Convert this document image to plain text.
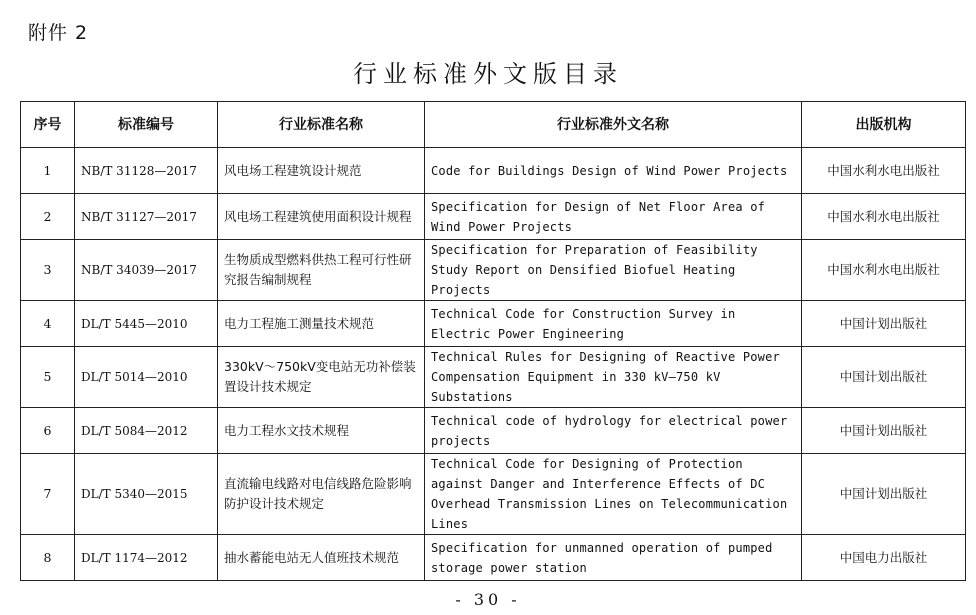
附件 2
行业标准外文版目录
序号	标准编号	行业标准名称	行业标准外文名称	出版机构
1	NB/T 31128—2017	风电场工程建筑设计规范	Code for Buildings Design of Wind Power Projects	中国水利水电出版社
2	NB/T 31127—2017	风电场工程建筑使用面积设计规程	Specification for Design of Net Floor Area of Wind Power Projects	中国水利水电出版社
3	NB/T 34039—2017	生物质成型燃料供热工程可行性研究报告编制规程	Specification for Preparation of Feasibility Study Report on Densified Biofuel Heating Projects	中国水利水电出版社
4	DL/T 5445—2010	电力工程施工测量技术规范	Technical Code for Construction Survey in Electric Power Engineering	中国计划出版社
5	DL/T 5014—2010	330kV～750kV变电站无功补偿装置设计技术规定	Technical Rules for Designing of Reactive Power Compensation Equipment in 330 kV—750 kV Substations	中国计划出版社
6	DL/T 5084—2012	电力工程水文技术规程	Technical code of hydrology for electrical power projects	中国计划出版社
7	DL/T 5340—2015	直流输电线路对电信线路危险影响防护设计技术规定	Technical Code for Designing of Protection against Danger and Interference Effects of DC Overhead Transmission Lines on Telecommunication Lines	中国计划出版社
8	DL/T 1174—2012	抽水蓄能电站无人值班技术规范	Specification for unmanned operation of pumped storage power station	中国电力出版社
- 30 -
